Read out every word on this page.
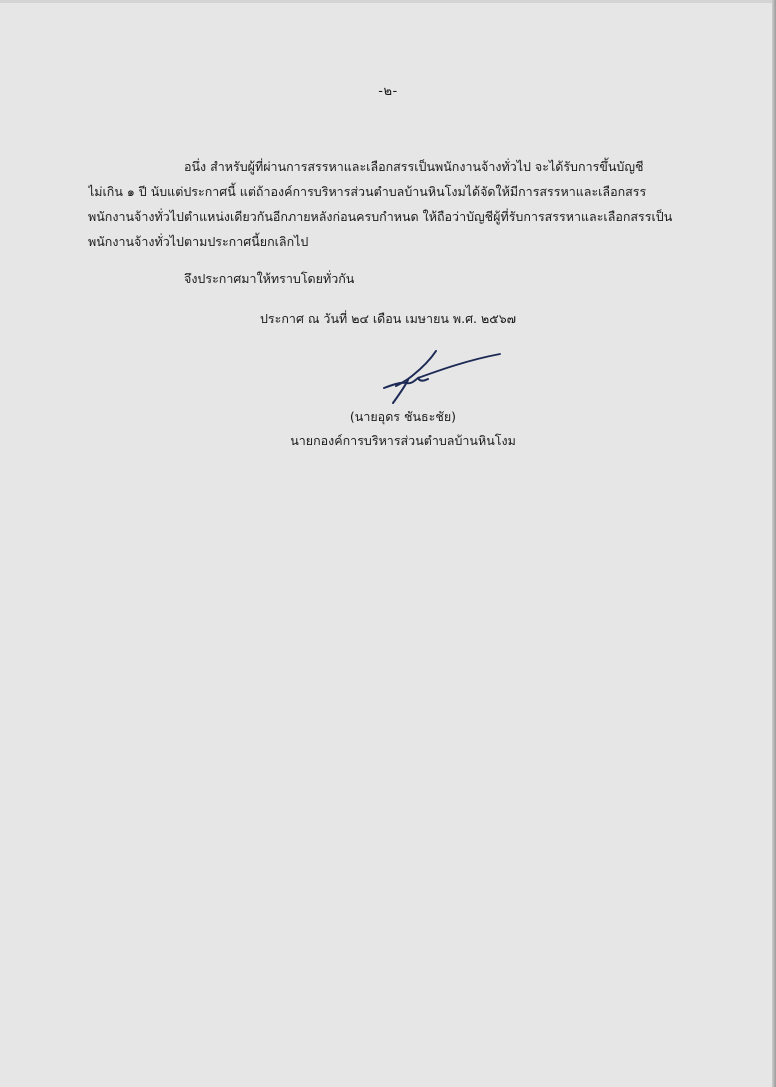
-๒-
อนึ่ง สำหรับผู้ที่ผ่านการสรรหาและเลือกสรรเป็นพนักงานจ้างทั่วไป จะได้รับการขึ้นบัญชี
ไม่เกิน ๑ ปี นับแต่ประกาศนี้ แต่ถ้าองค์การบริหารส่วนตำบลบ้านหินโงมได้จัดให้มีการสรรหาและเลือกสรร
พนักงานจ้างทั่วไปตำแหน่งเดียวกันอีกภายหลังก่อนครบกำหนด ให้ถือว่าบัญชีผู้ที่รับการสรรหาและเลือกสรรเป็น
พนักงานจ้างทั่วไปตามประกาศนี้ยกเลิกไป
จึงประกาศมาให้ทราบโดยทั่วกัน
ประกาศ ณ วันที่ ๒๔ เดือน เมษายน พ.ศ. ๒๕๖๗
(นายอุดร ชันธะชัย)
นายกองค์การบริหารส่วนตำบลบ้านหินโงม
